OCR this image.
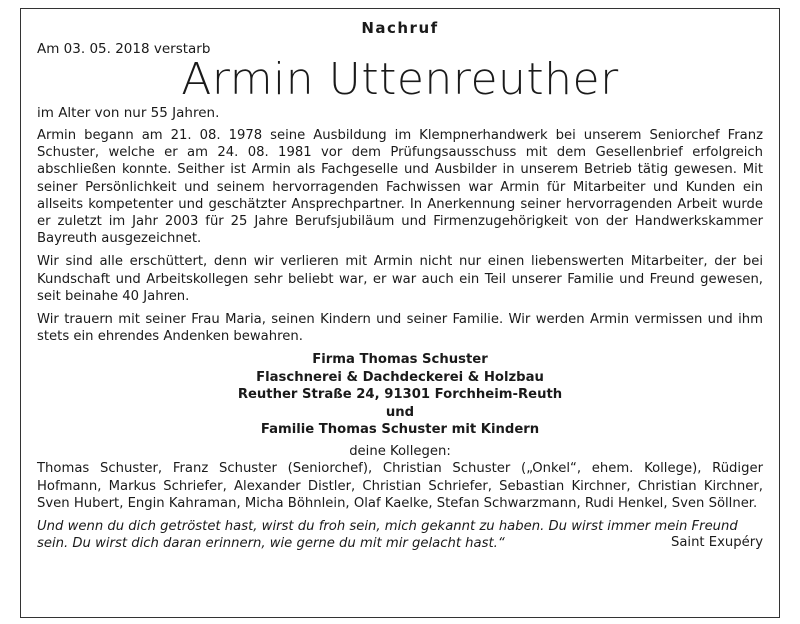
Nachruf

Am 03. 05. 2018 verstarb

Armin Uttenreuther

im Alter von nur 55 Jahren.

Armin begann am 21. 08. 1978 seine Ausbildung im Klempnerhandwerk bei unserem Seniorchef Franz Schuster, welche er am 24. 08. 1981 vor dem Prüfungsausschuss mit dem Gesellenbrief erfolgreich abschließen konnte. Seither ist Armin als Fachgeselle und Ausbilder in unserem Betrieb tätig gewesen. Mit seiner Persönlichkeit und seinem hervorragenden Fachwissen war Armin für Mitarbeiter und Kunden ein allseits kompetenter und geschätzter Ansprechpartner. In Anerkennung seiner hervorragenden Arbeit wurde er zuletzt im Jahr 2003 für 25 Jahre Berufsjubiläum und Firmenzugehörigkeit von der Handwerkskammer Bayreuth ausgezeichnet.

Wir sind alle erschüttert, denn wir verlieren mit Armin nicht nur einen liebenswerten Mitarbeiter, der bei Kundschaft und Arbeitskollegen sehr beliebt war, er war auch ein Teil unserer Familie und Freund gewesen, seit beinahe 40 Jahren.

Wir trauern mit seiner Frau Maria, seinen Kindern und seiner Familie. Wir werden Armin vermissen und ihm stets ein ehrendes Andenken bewahren.

Firma Thomas Schuster

Flaschnerei & Dachdeckerei & Holzbau

Reuther Straße 24, 91301 Forchheim-Reuth

und

Familie Thomas Schuster mit Kindern

deine Kollegen:

Thomas Schuster, Franz Schuster (Seniorchef), Christian Schuster („Onkel“, ehem. Kollege), Rüdiger Hofmann, Markus Schriefer, Alexander Distler, Christian Schriefer, Sebastian Kirchner, Christian Kirchner, Sven Hubert, Engin Kahraman, Micha Böhnlein, Olaf Kaelke, Stefan Schwarzmann, Rudi Henkel, Sven Söllner.

Und wenn du dich getröstet hast, wirst du froh sein, mich gekannt zu haben. Du wirst immer mein Freund

sein. Du wirst dich daran erinnern, wie gerne du mit mir gelacht hast.“	Saint Exupéry
